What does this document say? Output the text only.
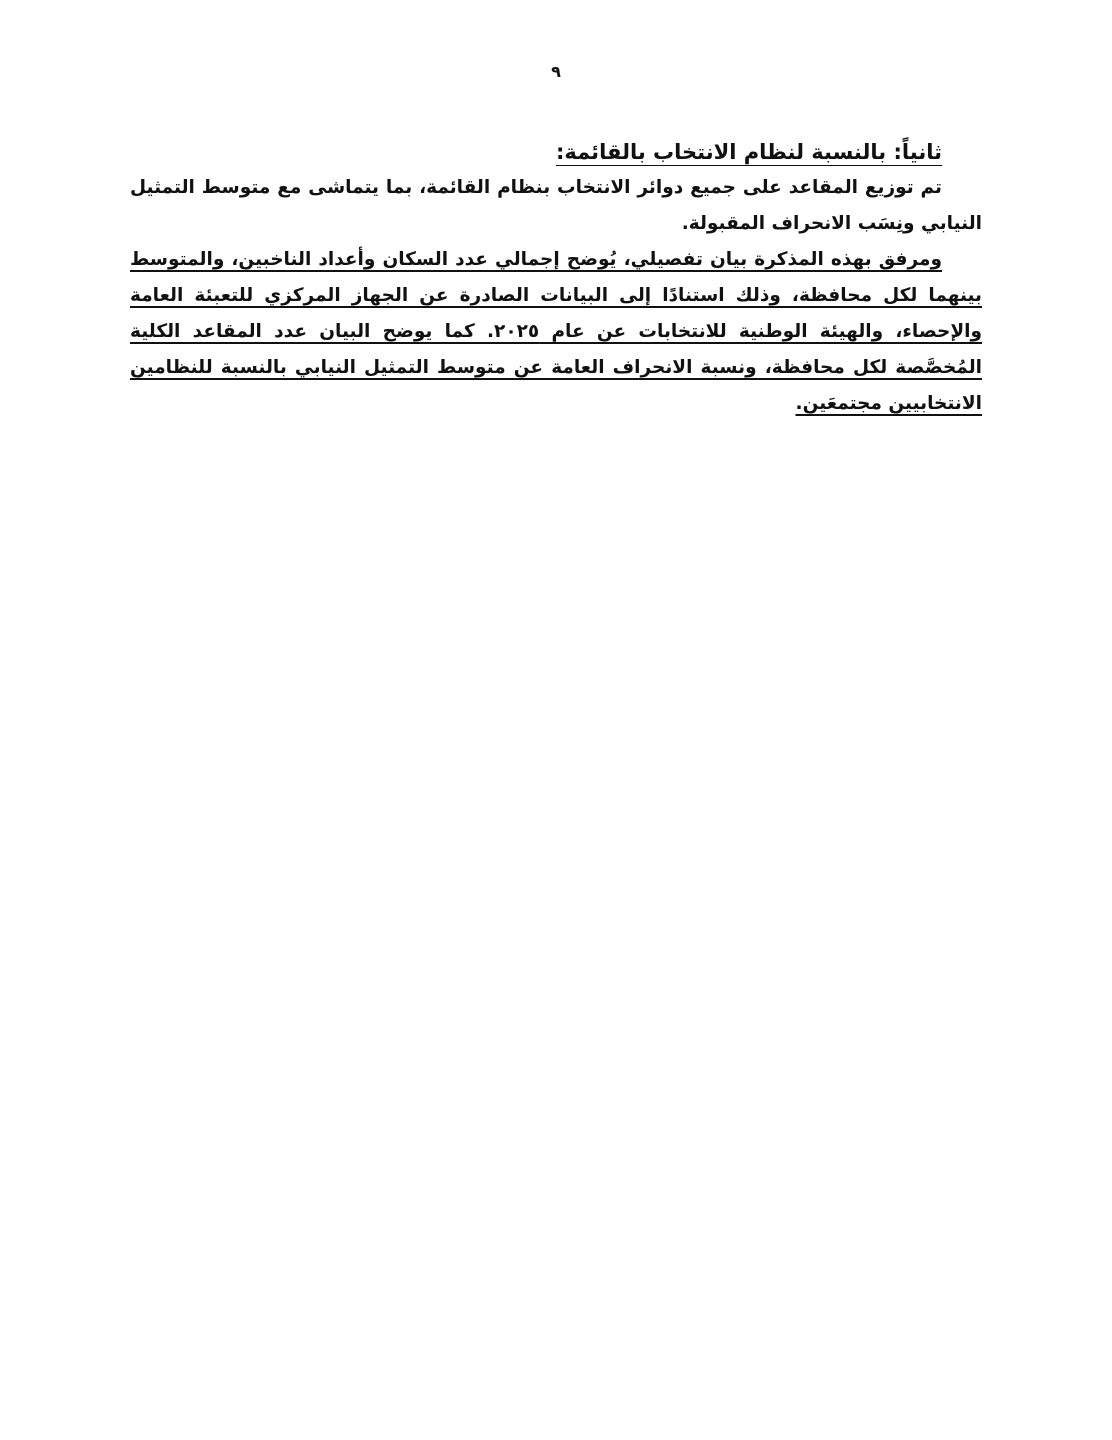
٩

ثانياً: بالنسبة لنظام الانتخاب بالقائمة:

تم توزيع المقاعد على جميع دوائر الانتخاب بنظام القائمة، بما يتماشى مع متوسط التمثيل النيابي ونِسَب الانحراف المقبولة.

ومرفق بهذه المذكرة بيان تفصيلي، يُوضح إجمالي عدد السكان وأعداد الناخبين، والمتوسط بينهما لكل محافظة، وذلك استنادًا إلى البيانات الصادرة عن الجهاز المركزي للتعبئة العامة والإحصاء، والهيئة الوطنية للانتخابات عن عام ٢٠٢٥. كما يوضح البيان عدد المقاعد الكلية المُخصَّصة لكل محافظة، ونسبة الانحراف العامة عن متوسط التمثيل النيابي بالنسبة للنظامين الانتخابيين مجتمعَين.
